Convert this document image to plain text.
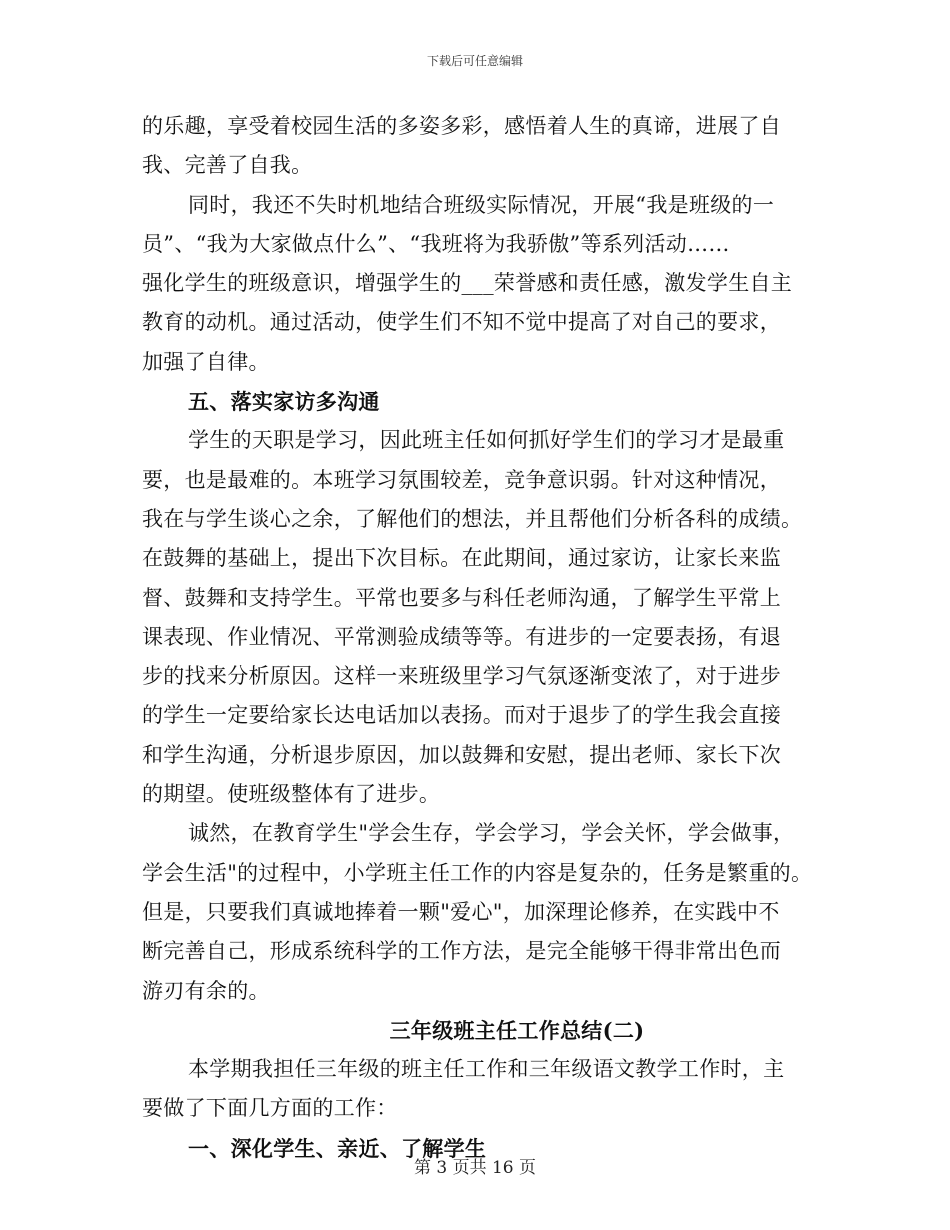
下载后可任意编辑
的乐趣，享受着校园生活的多姿多彩，感悟着人生的真谛，进展了自
我、完善了自我。
同时，我还不失时机地结合班级实际情况，开展“我是班级的一
员”、“我为大家做点什么”、“我班将为我骄傲”等系列活动……
强化学生的班级意识，增强学生的___荣誉感和责任感，激发学生自主
教育的动机。通过活动，使学生们不知不觉中提高了对自己的要求，
加强了自律。
五、落实家访多沟通
学生的天职是学习，因此班主任如何抓好学生们的学习才是最重
要，也是最难的。本班学习氛围较差，竞争意识弱。针对这种情况，
我在与学生谈心之余，了解他们的想法，并且帮他们分析各科的成绩。
在鼓舞的基础上，提出下次目标。在此期间，通过家访，让家长来监
督、鼓舞和支持学生。平常也要多与科任老师沟通，了解学生平常上
课表现、作业情况、平常测验成绩等等。有进步的一定要表扬，有退
步的找来分析原因。这样一来班级里学习气氛逐渐变浓了，对于进步
的学生一定要给家长达电话加以表扬。而对于退步了的学生我会直接
和学生沟通，分析退步原因，加以鼓舞和安慰，提出老师、家长下次
的期望。使班级整体有了进步。
诚然，在教育学生"学会生存，学会学习，学会关怀，学会做事，
学会生活"的过程中，小学班主任工作的内容是复杂的，任务是繁重的。
但是，只要我们真诚地捧着一颗"爱心"，加深理论修养，在实践中不
断完善自己，形成系统科学的工作方法，是完全能够干得非常出色而
游刃有余的。
三年级班主任工作总结(二)
本学期我担任三年级的班主任工作和三年级语文教学工作时，主
要做了下面几方面的工作：
一、深化学生、亲近、了解学生
第 3 页共 16 页
